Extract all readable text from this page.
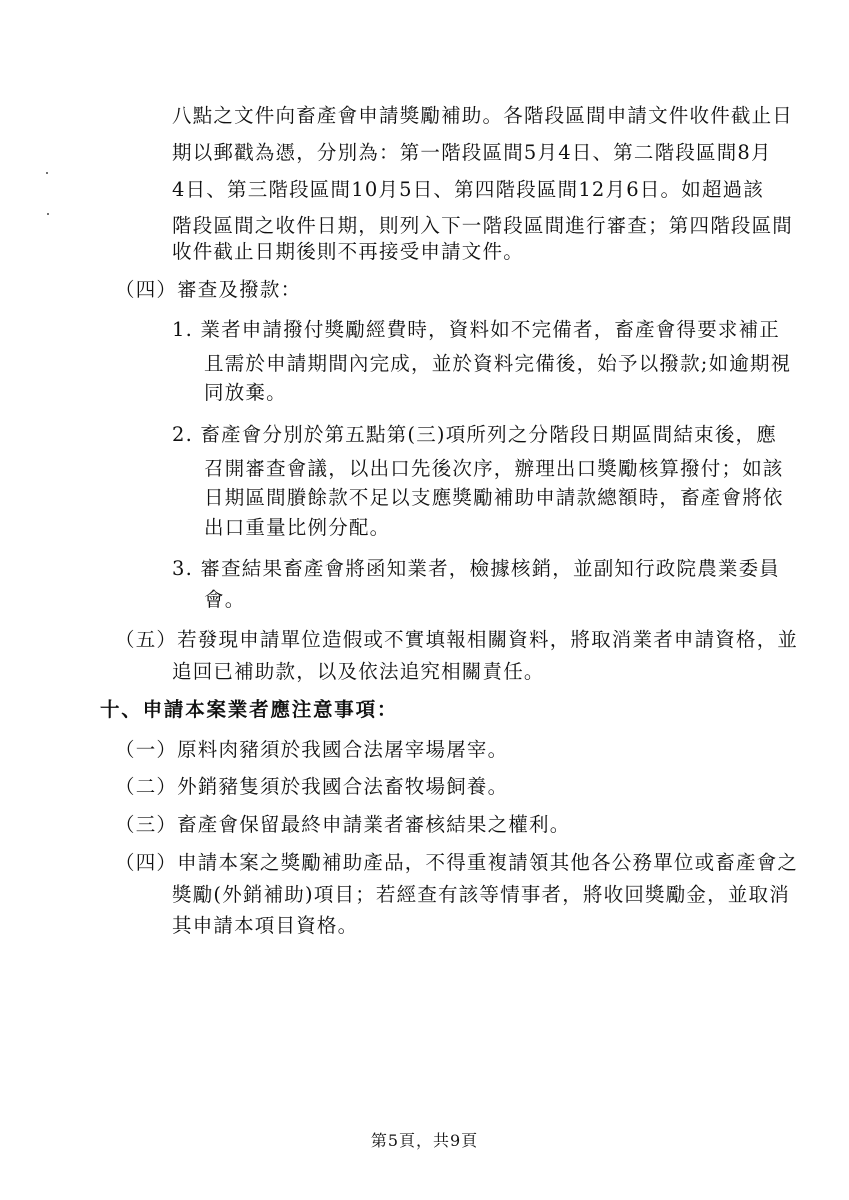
八點之文件向畜產會申請獎勵補助。各階段區間申請文件收件截止日
期以郵戳為憑，分別為：第一階段區間5月4日、第二階段區間8月
4日、第三階段區間10月5日、第四階段區間12月6日。如超過該
階段區間之收件日期，則列入下一階段區間進行審查；第四階段區間
收件截止日期後則不再接受申請文件。
（四）審查及撥款：
1. 業者申請撥付獎勵經費時，資料如不完備者，畜產會得要求補正
且需於申請期間內完成，並於資料完備後，始予以撥款;如逾期視
同放棄。
2. 畜產會分別於第五點第(三)項所列之分階段日期區間結束後，應
召開審查會議，以出口先後次序，辦理出口獎勵核算撥付；如該
日期區間賸餘款不足以支應獎勵補助申請款總額時，畜產會將依
出口重量比例分配。
3. 審查結果畜產會將函知業者，檢據核銷，並副知行政院農業委員
會。
（五）若發現申請單位造假或不實填報相關資料，將取消業者申請資格，並
追回已補助款，以及依法追究相關責任。
十、申請本案業者應注意事項：
（一）原料肉豬須於我國合法屠宰場屠宰。
（二）外銷豬隻須於我國合法畜牧場飼養。
（三）畜產會保留最終申請業者審核結果之權利。
（四）申請本案之獎勵補助產品，不得重複請領其他各公務單位或畜產會之
獎勵(外銷補助)項目；若經查有該等情事者，將收回獎勵金，並取消
其申請本項目資格。
第5頁，共9頁
